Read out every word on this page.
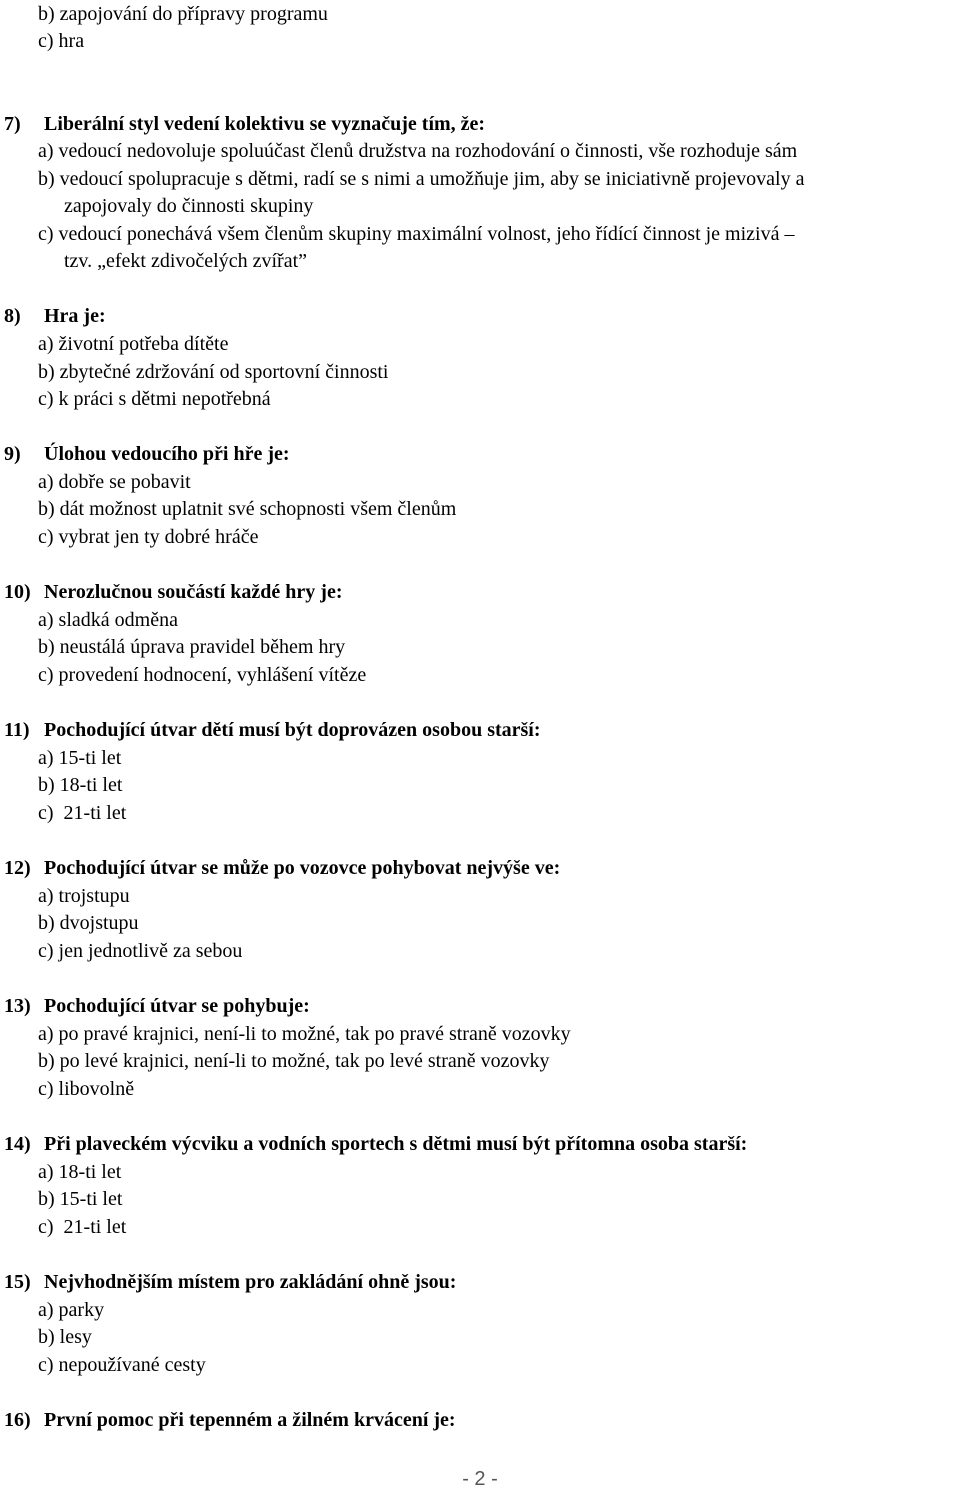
b) zapojování do přípravy programu
c) hra
7) Liberální styl vedení kolektivu se vyznačuje tím, že:
a) vedoucí nedovoluje spoluúčast členů družstva na rozhodování o činnosti, vše rozhoduje sám
b) vedoucí spolupracuje s dětmi, radí se s nimi a umožňuje jim, aby se iniciativně projevovaly a
zapojovaly do činnosti skupiny
c) vedoucí ponechává všem členům skupiny maximální volnost, jeho řídící činnost je mizivá –
tzv. „efekt zdivočelých zvířat”
8) Hra je:
a) životní potřeba dítěte
b) zbytečné zdržování od sportovní činnosti
c) k práci s dětmi nepotřebná
9) Úlohou vedoucího při hře je:
a) dobře se pobavit
b) dát možnost uplatnit své schopnosti všem členům
c) vybrat jen ty dobré hráče
10) Nerozlučnou součástí každé hry je:
a) sladká odměna
b) neustálá úprava pravidel během hry
c) provedení hodnocení, vyhlášení vítěze
11) Pochodující útvar dětí musí být doprovázen osobou starší:
a) 15-ti let
b) 18-ti let
c)  21-ti let
12) Pochodující útvar se může po vozovce pohybovat nejvýše ve:
a) trojstupu
b) dvojstupu
c) jen jednotlivě za sebou
13) Pochodující útvar se pohybuje:
a) po pravé krajnici, není-li to možné, tak po pravé straně vozovky
b) po levé krajnici, není-li to možné, tak po levé straně vozovky
c) libovolně
14) Při plaveckém výcviku a vodních sportech s dětmi musí být přítomna osoba starší:
a) 18-ti let
b) 15-ti let
c)  21-ti let
15) Nejvhodnějším místem pro zakládání ohně jsou:
a) parky
b) lesy
c) nepoužívané cesty
16) První pomoc při tepenném a žilném krvácení je:
- 2 -
